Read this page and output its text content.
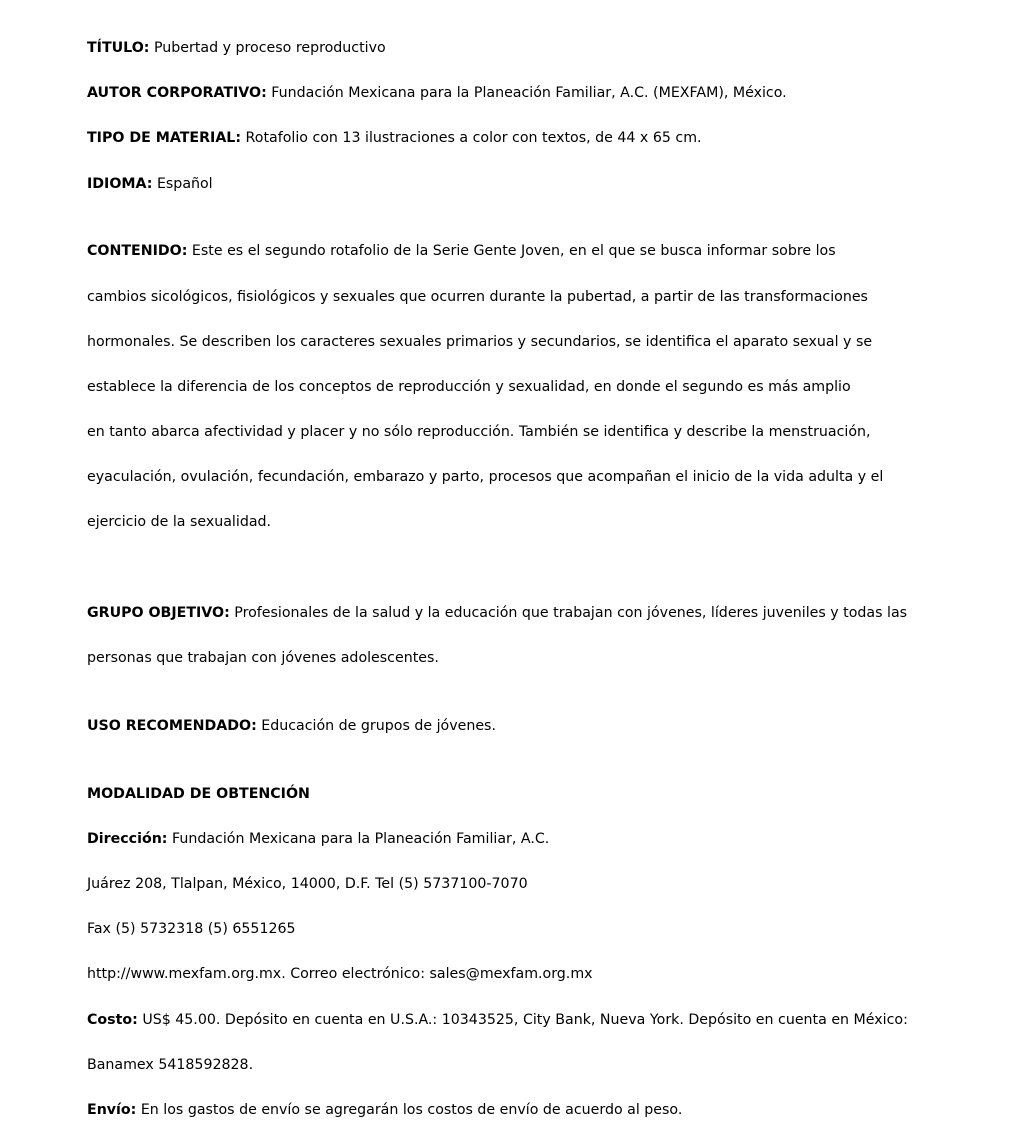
TÍTULO: Pubertad y proceso reproductivo

AUTOR CORPORATIVO: Fundación Mexicana para la Planeación Familiar, A.C. (MEXFAM), México.

TIPO DE MATERIAL: Rotafolio con 13 ilustraciones a color con textos, de 44 x 65 cm.

IDIOMA: Español

CONTENIDO: Este es el segundo rotafolio de la Serie Gente Joven, en el que se busca informar sobre los

cambios sicológicos, fisiológicos y sexuales que ocurren durante la pubertad, a partir de las transformaciones

hormonales. Se describen los caracteres sexuales primarios y secundarios, se identifica el aparato sexual y se

establece la diferencia de los conceptos de reproducción y sexualidad, en donde el segundo es más amplio

en tanto abarca afectividad y placer y no sólo reproducción. También se identifica y describe la menstruación,

eyaculación, ovulación, fecundación, embarazo y parto, procesos que acompañan el inicio de la vida adulta y el

ejercicio de la sexualidad.

GRUPO OBJETIVO: Profesionales de la salud y la educación que trabajan con jóvenes, líderes juveniles y todas las

personas que trabajan con jóvenes adolescentes.

USO RECOMENDADO: Educación de grupos de jóvenes.

MODALIDAD DE OBTENCIÓN

Dirección: Fundación Mexicana para la Planeación Familiar, A.C.

Juárez 208, Tlalpan, México, 14000, D.F. Tel (5) 5737100-7070

Fax (5) 5732318 (5) 6551265

http://www.mexfam.org.mx. Correo electrónico: sales@mexfam.org.mx

Costo: US$ 45.00. Depósito en cuenta en U.S.A.: 10343525, City Bank, Nueva York. Depósito en cuenta en México:

Banamex 5418592828.

Envío: En los gastos de envío se agregarán los costos de envío de acuerdo al peso.
